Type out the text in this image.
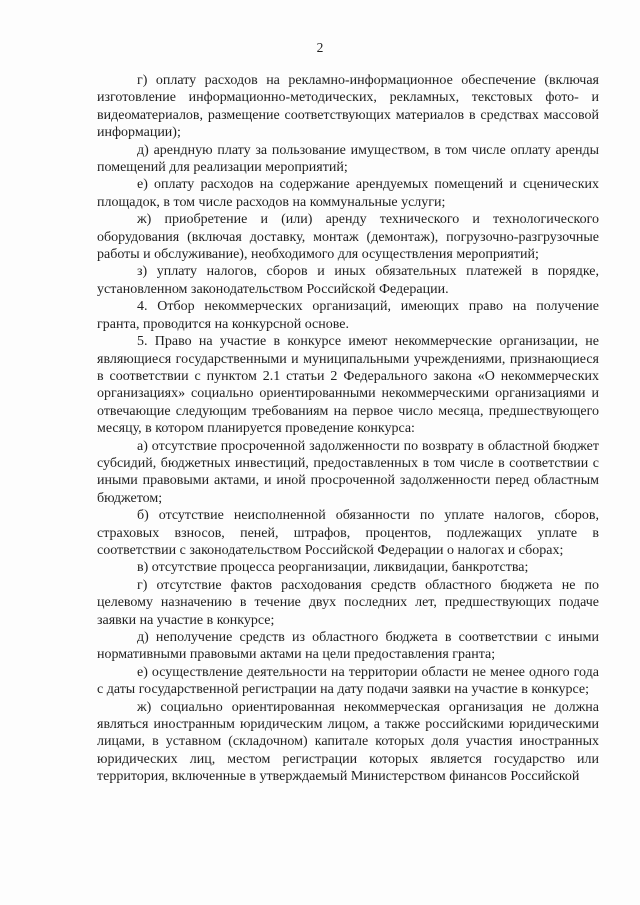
2

г) оплату расходов на рекламно-информационное обеспечение (включая изготовление информационно-методических, рекламных, текстовых фото- и видеоматериалов, размещение соответствующих материалов в средствах массовой информации);

д) арендную плату за пользование имуществом, в том числе оплату аренды помещений для реализации мероприятий;

е) оплату расходов на содержание арендуемых помещений и сценических площадок, в том числе расходов на коммунальные услуги;

ж) приобретение и (или) аренду технического и технологического оборудования (включая доставку, монтаж (демонтаж), погрузочно-разгрузочные работы и обслуживание), необходимого для осуществления мероприятий;

з) уплату налогов, сборов и иных обязательных платежей в порядке, установленном законодательством Российской Федерации.

4. Отбор некоммерческих организаций, имеющих право на получение гранта, проводится на конкурсной основе.

5. Право на участие в конкурсе имеют некоммерческие организации, не являющиеся государственными и муниципальными учреждениями, признающиеся в соответствии с пунктом 2.1 статьи 2 Федерального закона «О некоммерческих организациях» социально ориентированными некоммерческими организациями и отвечающие следующим требованиям на первое число месяца, предшествующего месяцу, в котором планируется проведение конкурса:

а) отсутствие просроченной задолженности по возврату в областной бюджет субсидий, бюджетных инвестиций, предоставленных в том числе в соответствии с иными правовыми актами, и иной просроченной задолженности перед областным бюджетом;

б) отсутствие неисполненной обязанности по уплате налогов, сборов, страховых взносов, пеней, штрафов, процентов, подлежащих уплате в соответствии с законодательством Российской Федерации о налогах и сборах;

в) отсутствие процесса реорганизации, ликвидации, банкротства;

г) отсутствие фактов расходования средств областного бюджета не по целевому назначению в течение двух последних лет, предшествующих подаче заявки на участие в конкурсе;

д) неполучение средств из областного бюджета в соответствии с иными нормативными правовыми актами на цели предоставления гранта;

е) осуществление деятельности на территории области не менее одного года с даты государственной регистрации на дату подачи заявки на участие в конкурсе;

ж) социально ориентированная некоммерческая организация не должна являться иностранным юридическим лицом, а также российскими юридическими лицами, в уставном (складочном) капитале которых доля участия иностранных юридических лиц, местом регистрации которых является государство или территория, включенные в утверждаемый Министерством финансов Российской
